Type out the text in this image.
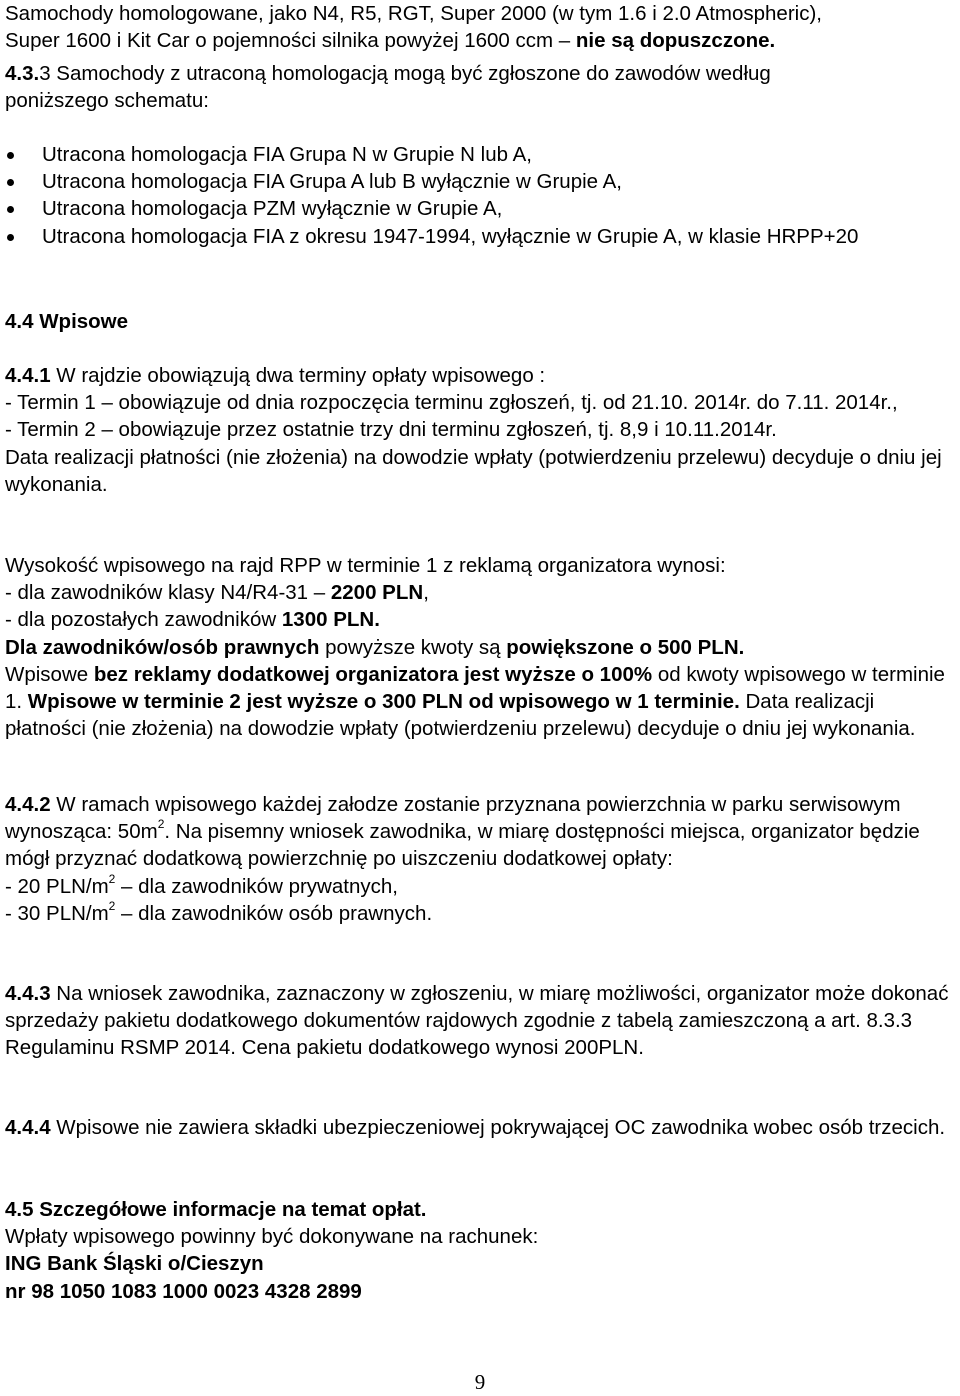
Samochody homologowane, jako N4, R5, RGT, Super 2000 (w tym 1.6 i 2.0 Atmospheric),

Super 1600 i Kit Car o pojemności silnika powyżej 1600 ccm – nie są dopuszczone.

4.3.3 Samochody z utraconą homologacją mogą być zgłoszone do zawodów według

poniższego schematu:

Utracona homologacja FIA Grupa N w Grupie N lub A,
Utracona homologacja FIA Grupa A lub B wyłącznie w Grupie A,
Utracona homologacja PZM wyłącznie w Grupie A,
Utracona homologacja FIA z okresu 1947-1994, wyłącznie w Grupie A, w klasie HRPP+20

4.4 Wpisowe

4.4.1 W rajdzie obowiązują dwa terminy opłaty wpisowego :

- Termin 1 – obowiązuje od dnia rozpoczęcia terminu zgłoszeń, tj. od 21.10. 2014r. do 7.11. 2014r.,

- Termin 2 – obowiązuje przez ostatnie trzy dni terminu zgłoszeń, tj. 8,9 i 10.11.2014r.

Data realizacji płatności (nie złożenia) na dowodzie wpłaty (potwierdzeniu przelewu) decyduje o dniu jej wykonania.

Wysokość wpisowego na rajd RPP w terminie 1 z reklamą organizatora wynosi:

- dla zawodników klasy N4/R4-31 – 2200 PLN,

- dla pozostałych zawodników 1300 PLN.

Dla zawodników/osób prawnych powyższe kwoty są powiększone o 500 PLN.

Wpisowe bez reklamy dodatkowej organizatora jest wyższe o 100% od kwoty wpisowego w terminie 1. Wpisowe w terminie 2 jest wyższe o 300 PLN od wpisowego w 1 terminie. Data realizacji płatności (nie złożenia) na dowodzie wpłaty (potwierdzeniu przelewu) decyduje o dniu jej wykonania.

4.4.2 W ramach wpisowego każdej załodze zostanie przyznana powierzchnia w parku serwisowym wynosząca: $50m^2$. Na pisemny wniosek zawodnika, w miarę dostępności miejsca, organizator będzie mógł przyznać dodatkową powierzchnię po uiszczeniu dodatkowej opłaty:

- 20 PLN/$m^2$ – dla zawodników prywatnych,

- 30 PLN/$m^2$ – dla zawodników osób prawnych.

4.4.3 Na wniosek zawodnika, zaznaczony w zgłoszeniu, w miarę możliwości, organizator może dokonać sprzedaży pakietu dodatkowego dokumentów rajdowych zgodnie z tabelą zamieszczoną a art. 8.3.3 Regulaminu RSMP 2014. Cena pakietu dodatkowego wynosi 200PLN.

4.4.4 Wpisowe nie zawiera składki ubezpieczeniowej pokrywającej OC zawodnika wobec osób trzecich.

4.5 Szczegółowe informacje na temat opłat.

Wpłaty wpisowego powinny być dokonywane na rachunek:

ING Bank Śląski o/Cieszyn

nr 98 1050 1083 1000 0023 4328 2899

9
